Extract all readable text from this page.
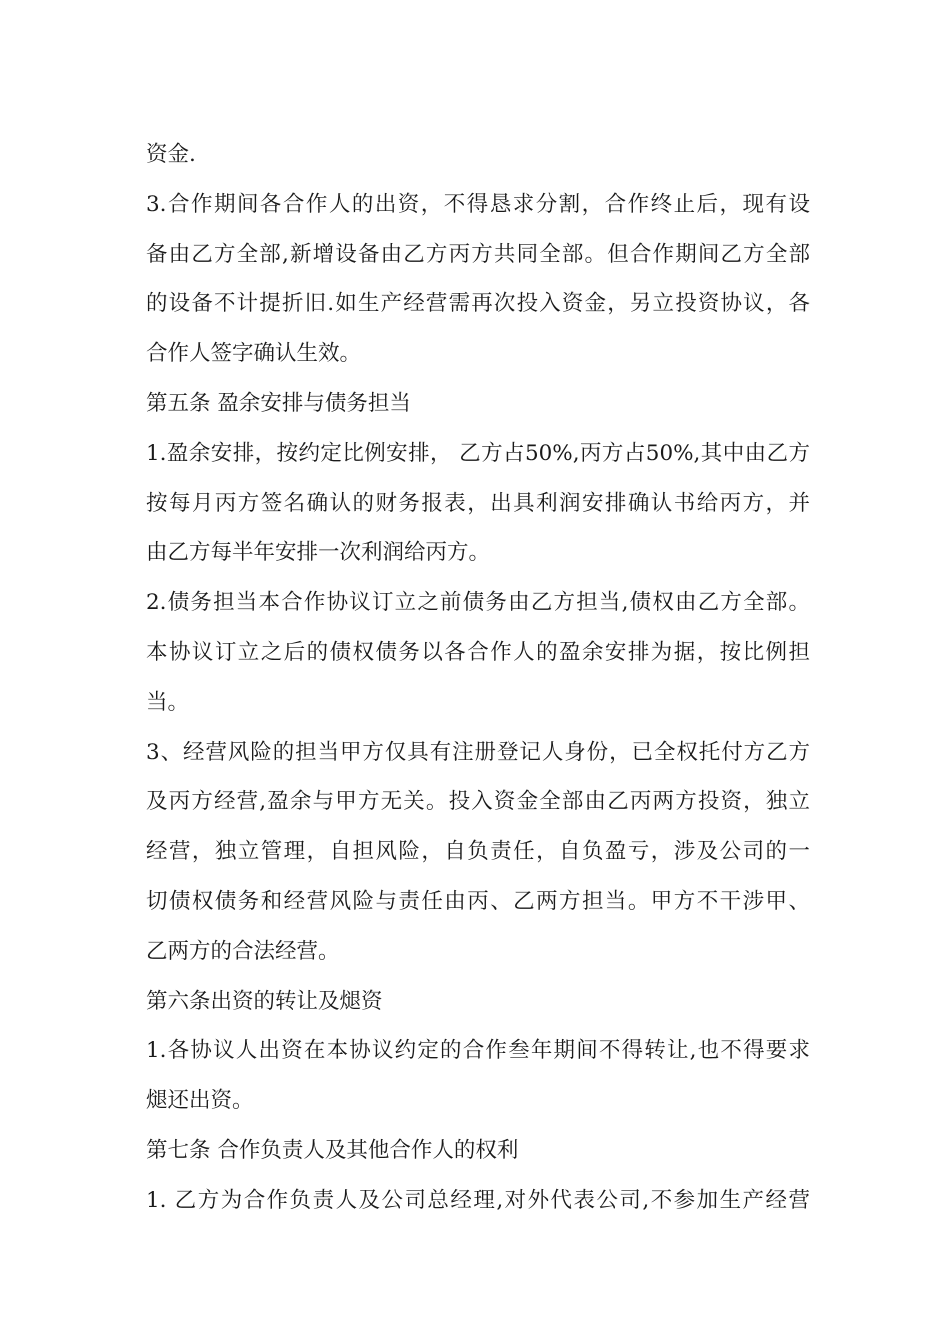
资金.
3.合作期间各合作人的出资，不得恳求分割，合作终止后，现有设
备由乙方全部,新增设备由乙方丙方共同全部。但合作期间乙方全部
的设备不计提折旧.如生产经营需再次投入资金，另立投资协议，各
合作人签字确认生效。
第五条 盈余安排与债务担当
1.盈余安排，按约定比例安排， 乙方占50%,丙方占50%,其中由乙方
按每月丙方签名确认的财务报表，出具利润安排确认书给丙方，并
由乙方每半年安排一次利润给丙方。
2.债务担当本合作协议订立之前债务由乙方担当,债权由乙方全部。
本协议订立之后的债权债务以各合作人的盈余安排为据，按比例担
当。
3、经营风险的担当甲方仅具有注册登记人身份，已全权托付方乙方
及丙方经营,盈余与甲方无关。投入资金全部由乙丙两方投资，独立
经营，独立管理，自担风险，自负责任，自负盈亏，涉及公司的一
切债权债务和经营风险与责任由丙、乙两方担当。甲方不干涉甲、
乙两方的合法经营。
第六条出资的转让及煺资
1.各协议人出资在本协议约定的合作叁年期间不得转让,也不得要求
煺还出资。
第七条 合作负责人及其他合作人的权利
1. 乙方为合作负责人及公司总经理,对外代表公司,不参加生产经营
